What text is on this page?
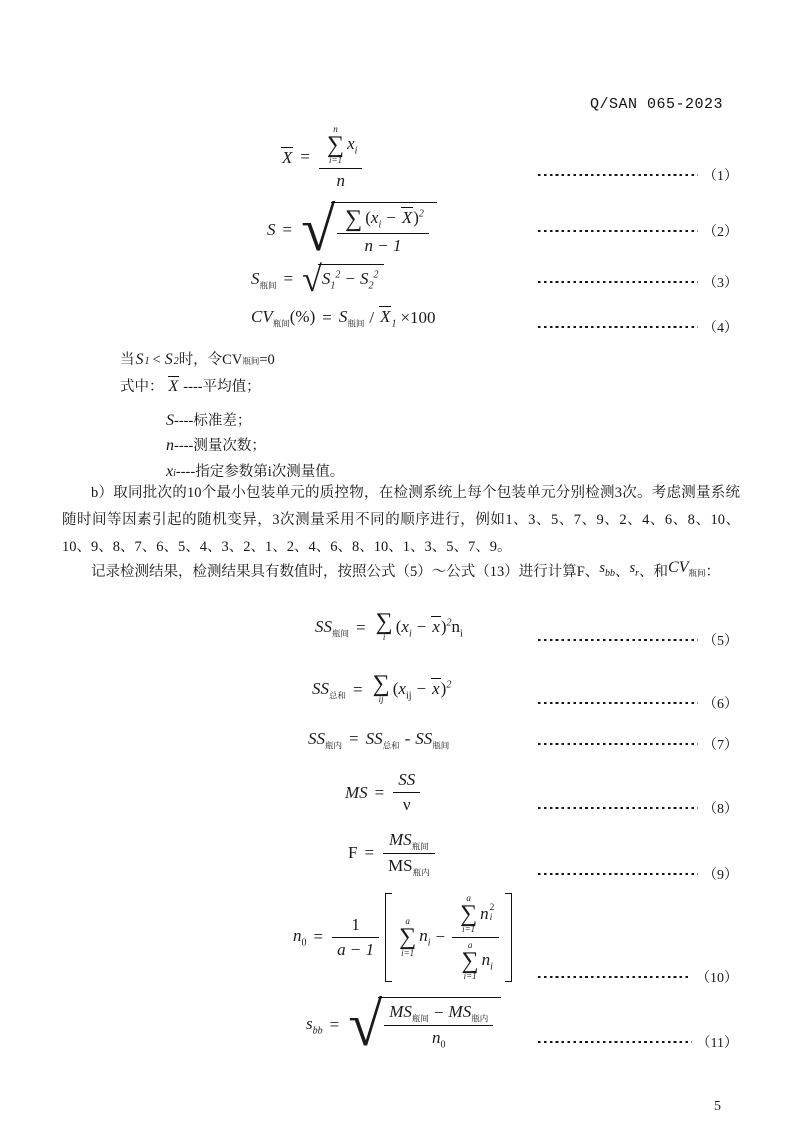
Q/SAN 065-2023
X = n
∑
i=1
$x_i$
n	（1）
S = √ $\frac{\sum (x_i - X)^2}{n - 1}$	（2）
$S_{瓶间}$ = √ $S_1^2 - S_2^2$
（3）
$CV_{瓶间}(\%) = S_{瓶间} / X_1 \times 100$
（4）
当 S 1 < S 2 时，令CV 瓶间 =0
式中： X ----平均值；
S ----标准差；
n ----测量次数；
x i ----指定参数第i次测量值。

b）取同批次的10个最小包装单元的质控物，在检测系统上每个包装单元分别检测3次。考虑测量系统随时间等因素引起的随机变异，3次测量采用不同的顺序进行，例如1、3、5、7、9、2、4、6、8、10、10、9、8、7、6、5、4、3、2、1、2、4、6、8、10、1、3、5、7、9。

记录检测结果，检测结果具有数值时，按照公式（5）～公式（13）进行计算F、$s_{bb}$、$s_r$、和$CV_{瓶间}$：
$SS_{瓶间}$ = ∑
i
$(x_i - x)^2n_i$
（5）
$SS_{总和}$ = ∑
ij
$(x_{ij} - x)^2$
（6）
$SS_{瓶内} = SS_{总和} - SS_{瓶间}$	（7）
MS = $\frac{SS}{\nu}$	（8）
$F = \frac{MS_{瓶间}}{MS_{瓶内}}$	（9）
$n_0 = \frac{1}{a - 1}$	a
∑
i=1
$n_i - a$
∑
i=1
n 2
i
a
∑
i=1
$n_i$	（10）
$s_{bb}$ = √ $\frac{MS_{瓶间} - MS_{瓶内}}{n_0}$	（11）
5
